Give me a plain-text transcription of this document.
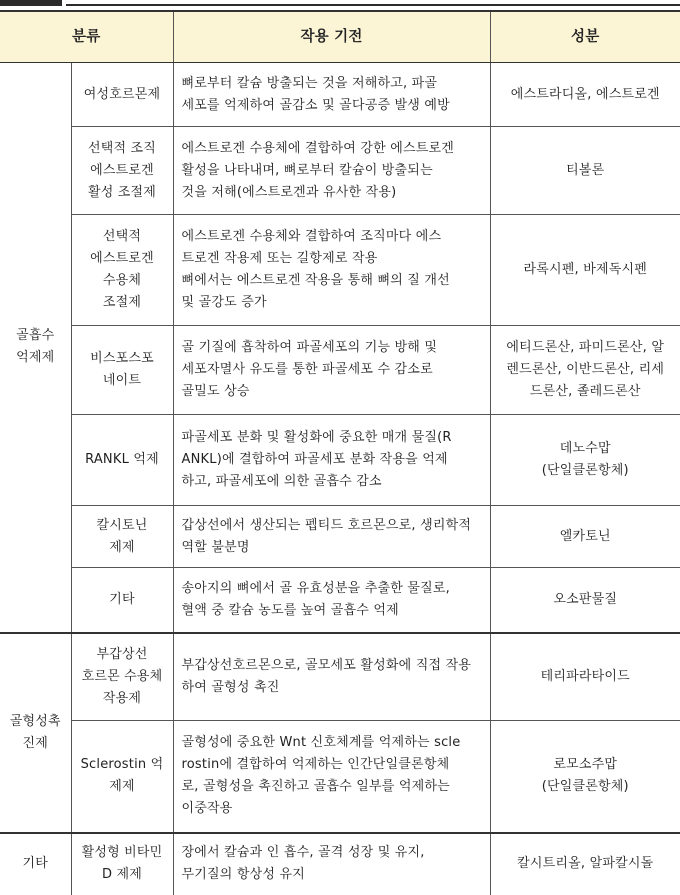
분류		작용 기전	성분

골흡수
억제제	여성호르몬제	뼈로부터 칼슘 방출되는 것을 저해하고, 파골
세포를 억제하여 골감소 및 골다공증 발생 예방	에스트라디올, 에스트로겐

	선택적 조직
에스트로겐
활성 조절제	에스트로겐 수용체에 결합하여 강한 에스트로겐
활성을 나타내며, 뼈로부터 칼슘이 방출되는
것을 저해(에스트로겐과 유사한 작용)	티볼론

	선택적
에스트로겐
수용체
조절제	에스트로겐 수용체와 결합하여 조직마다 에스
트로겐 작용제 또는 길항제로 작용
뼈에서는 에스트로겐 작용을 통해 뼈의 질 개선
및 골강도 증가	라록시펜, 바제독시펜

	비스포스포
네이트	골 기질에 흡착하여 파골세포의 기능 방해 및
세포자멸사 유도를 통한 파골세포 수 감소로
골밀도 상승	에티드론산, 파미드론산, 알
렌드론산, 이반드론산, 리세
드론산, 졸레드론산

	RANKL 억제	파골세포 분화 및 활성화에 중요한 매개 물질(R
ANKL)에 결합하여 파골세포 분화 작용을 억제
하고, 파골세포에 의한 골흡수 감소	데노수맙
(단일클론항체)

	칼시토닌
제제	갑상선에서 생산되는 펩티드 호르몬으로, 생리학적
역할 불분명	엘카토닌

	기타	송아지의 뼈에서 골 유효성분을 추출한 물질로,
혈액 중 칼슘 농도를 높여 골흡수 억제	오소판물질

골형성촉
진제	부갑상선
호르몬 수용체
작용제	부갑상선호르몬으로, 골모세포 활성화에 직접 작용
하여 골형성 촉진	테리파라타이드

	Sclerostin 억
제제	골형성에 중요한 Wnt 신호체계를 억제하는 scle
rostin에 결합하여 억제하는 인간단일클론항체
로, 골형성을 촉진하고 골흡수 일부를 억제하는
이중작용	로모소주맙
(단일클론항체)

기타	활성형 비타민
D 제제	장에서 칼슘과 인 흡수, 골격 성장 및 유지,
무기질의 항상성 유지	칼시트리올, 알파칼시돌
